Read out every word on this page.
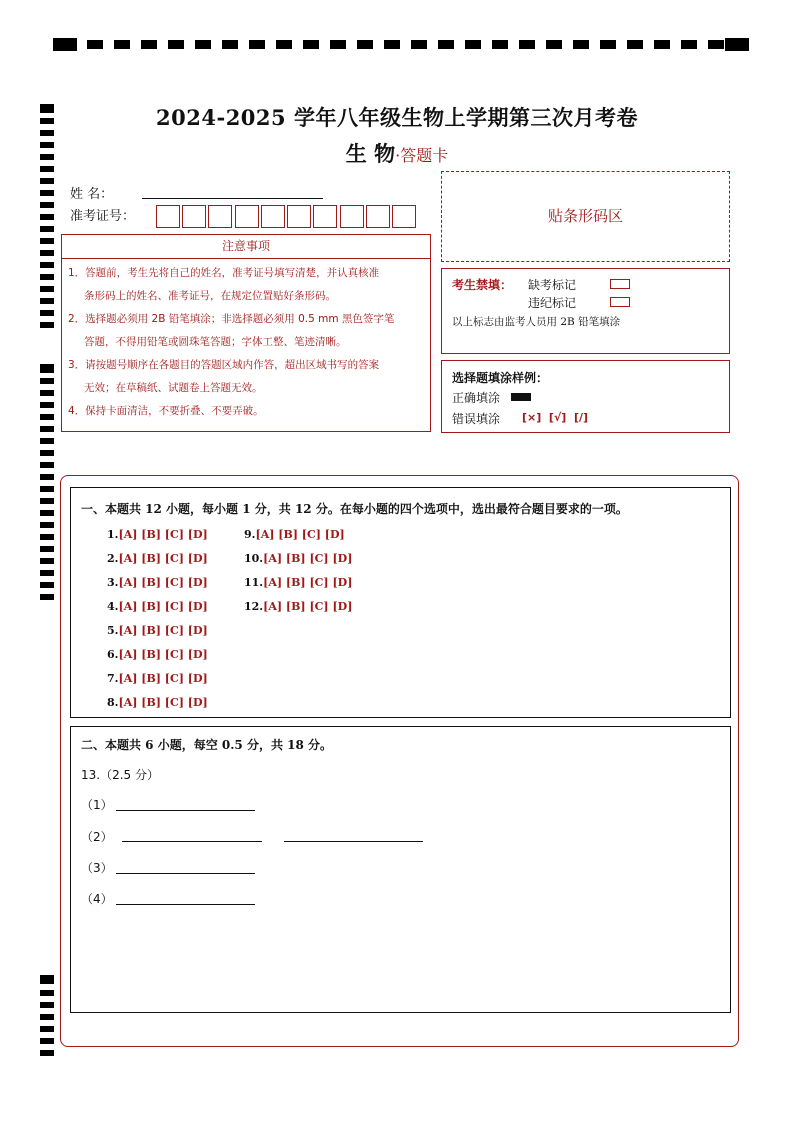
2024-2025 学年八年级生物上学期第三次月考卷
生 物·答题卡
姓 名：
准考证号：	贴条形码区
注意事项
1．答题前，考生先将自己的姓名，准考证号填写清楚，并认真核准
条形码上的姓名、准考证号，在规定位置贴好条形码。
2．选择题必须用 2B 铅笔填涂；非选择题必须用 0.5 mm 黑色签字笔
答题，不得用铅笔或圆珠笔答题；字体工整、笔迹清晰。
3．请按题号顺序在各题目的答题区域内作答，超出区域书写的答案
无效；在草稿纸、试题卷上答题无效。
4．保持卡面清洁，不要折叠、不要弄破。
考生禁填： 缺考标记
违纪标记
以上标志由监考人员用 2B 铅笔填涂
选择题填涂样例：
正确填涂
错误填涂 [×]  [√]  [/]
一、本题共 12 小题，每小题 1 分，共 12 分。在每小题的四个选项中，选出最符合题目要求的一项。
1.[A] [B] [C] [D]
2.[A] [B] [C] [D]
3.[A] [B] [C] [D]
4.[A] [B] [C] [D]
5.[A] [B] [C] [D]
6.[A] [B] [C] [D]
7.[A] [B] [C] [D]
8.[A] [B] [C] [D]
9.[A] [B] [C] [D]
10.[A] [B] [C] [D]
11.[A] [B] [C] [D]
12.[A] [B] [C] [D]
二、本题共 6 小题，每空 0.5 分，共 18 分。
13.（2.5 分）
（1）
（2）
（3）
（4）
